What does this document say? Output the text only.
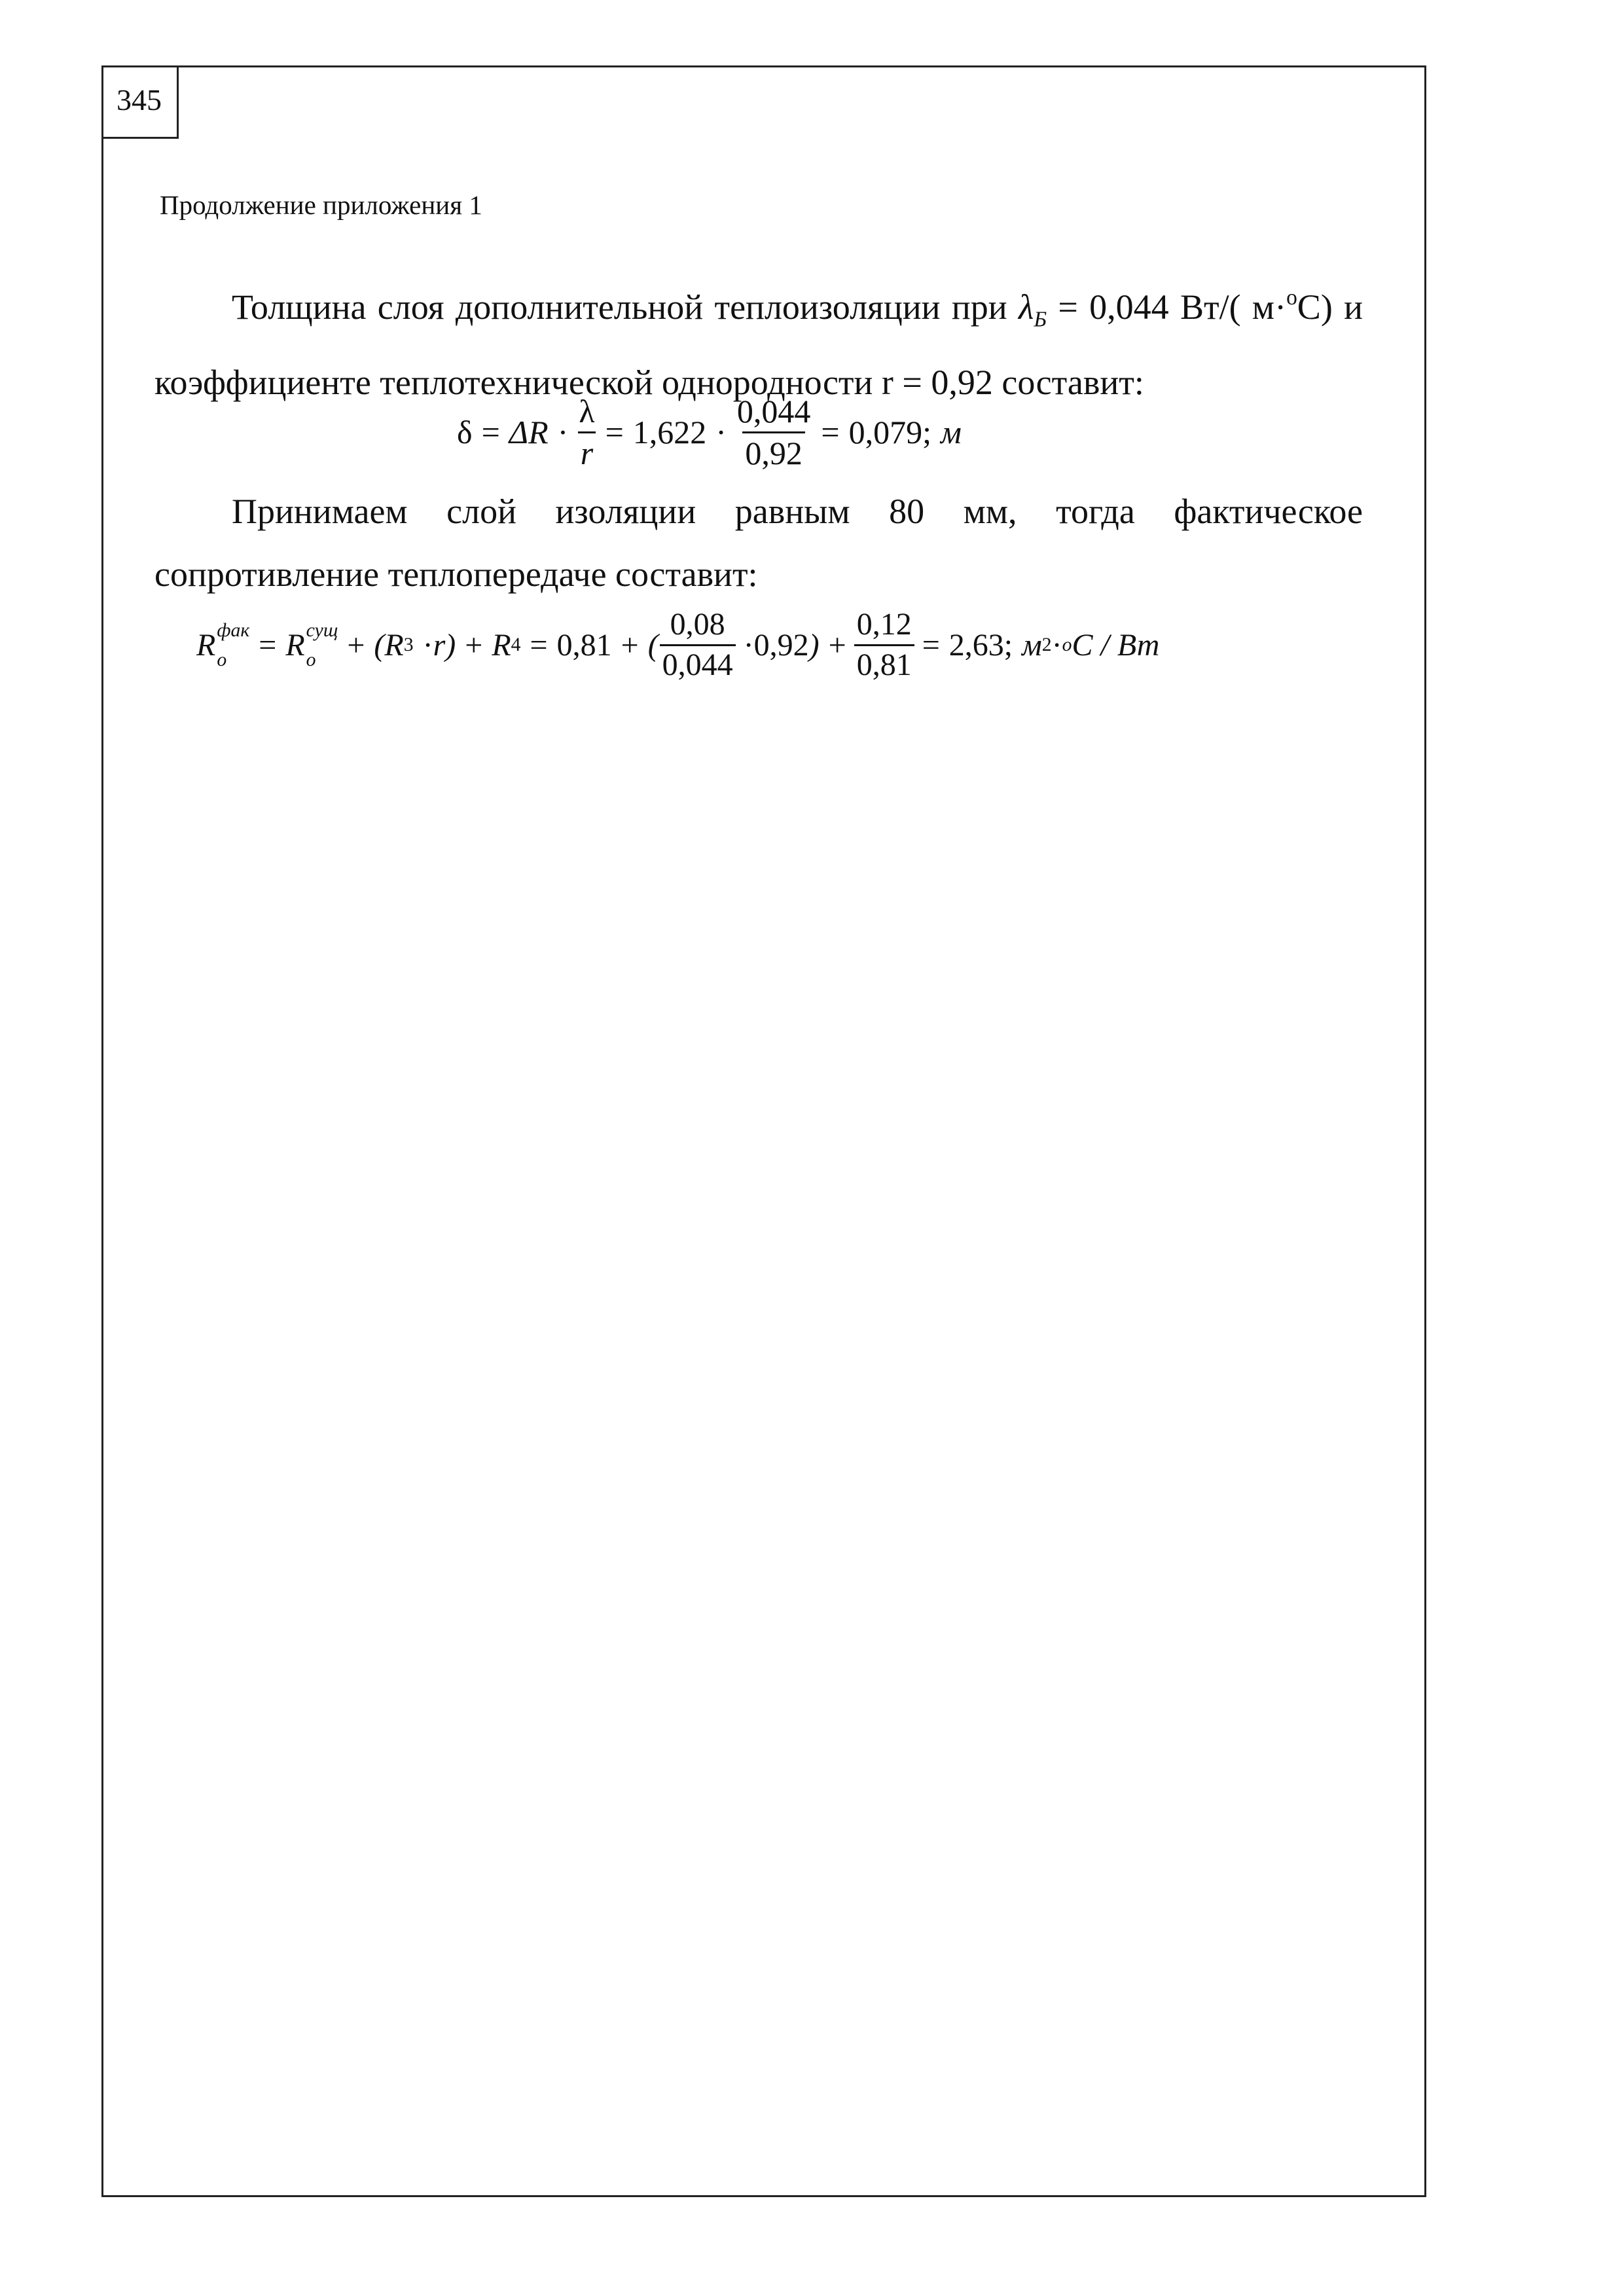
345
Продолжение приложения 1
Толщина слоя дополнительной теплоизоляции при $\lambda_Б = 0,044$ Вт/( м·$^о$С) и коэффициенте теплотехнической однородности r = 0,92 составит:
$\delta = \Delta R \cdot \frac{\lambda}{r} = 1,622 \cdot \frac{0,044}{0,92} = 0,079$; м
Принимаем слой изоляции равным 80 мм, тогда фактическое
сопротивление теплопередаче составит:
R фак
о	= R сущ
о + ( R 3 · r ) + R 4 = 0,81 + ( $\frac{0,08}{0,044} \cdot 0,92$ ) + $\frac{0,12}{0,81} = 2,63$; м 2 · о С / Вт
